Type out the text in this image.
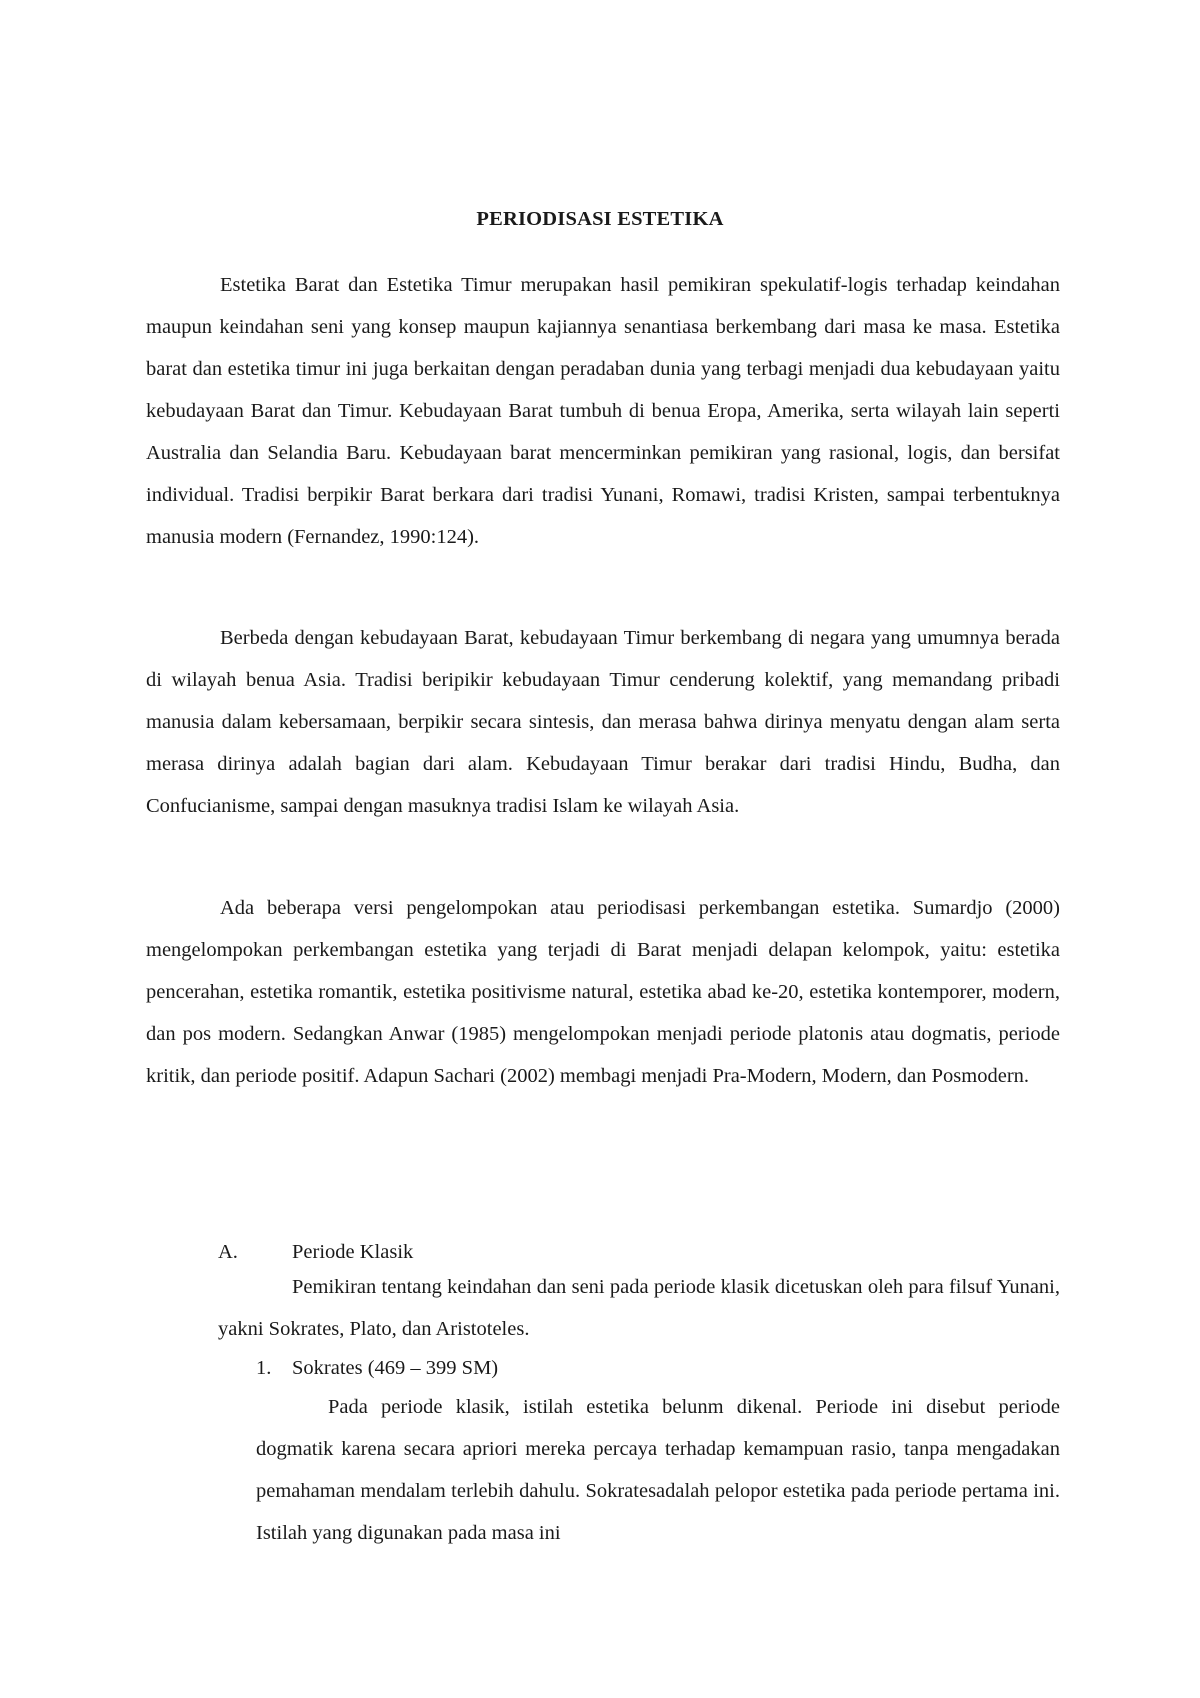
PERIODISASI ESTETIKA

Estetika Barat dan Estetika Timur merupakan hasil pemikiran spekulatif-logis terhadap keindahan maupun keindahan seni yang konsep maupun kajiannya senantiasa berkembang dari masa ke masa. Estetika barat dan estetika timur ini juga berkaitan dengan peradaban dunia yang terbagi menjadi dua kebudayaan yaitu kebudayaan Barat dan Timur. Kebudayaan Barat tumbuh di benua Eropa, Amerika, serta wilayah lain seperti Australia dan Selandia Baru. Kebudayaan barat mencerminkan pemikiran yang rasional, logis, dan bersifat individual. Tradisi berpikir Barat berkara dari tradisi Yunani, Romawi, tradisi Kristen, sampai terbentuknya manusia modern (Fernandez, 1990:124).

Berbeda dengan kebudayaan Barat, kebudayaan Timur berkembang di negara yang umumnya berada di wilayah benua Asia. Tradisi beripikir kebudayaan Timur cenderung kolektif, yang memandang pribadi manusia dalam kebersamaan, berpikir secara sintesis, dan merasa bahwa dirinya menyatu dengan alam serta merasa dirinya adalah bagian dari alam. Kebudayaan Timur berakar dari tradisi Hindu, Budha, dan Confucianisme, sampai dengan masuknya tradisi Islam ke wilayah Asia.

Ada beberapa versi pengelompokan atau periodisasi perkembangan estetika. Sumardjo (2000) mengelompokan perkembangan estetika yang terjadi di Barat menjadi delapan kelompok, yaitu: estetika pencerahan, estetika romantik, estetika positivisme natural, estetika abad ke-20, estetika kontemporer, modern, dan pos modern. Sedangkan Anwar (1985) mengelompokan menjadi periode platonis atau dogmatis, periode kritik, dan periode positif. Adapun Sachari (2002) membagi menjadi Pra-Modern, Modern, dan Posmodern.

A.	Periode Klasik

Pemikiran tentang keindahan dan seni pada periode klasik dicetuskan oleh para filsuf Yunani, yakni Sokrates, Plato, dan Aristoteles.

1. Sokrates (469 – 399 SM)

Pada periode klasik, istilah estetika belunm dikenal. Periode ini disebut periode dogmatik karena secara apriori mereka percaya terhadap kemampuan rasio, tanpa mengadakan pemahaman mendalam terlebih dahulu. Sokratesadalah pelopor estetika pada periode pertama ini. Istilah yang digunakan pada masa ini
